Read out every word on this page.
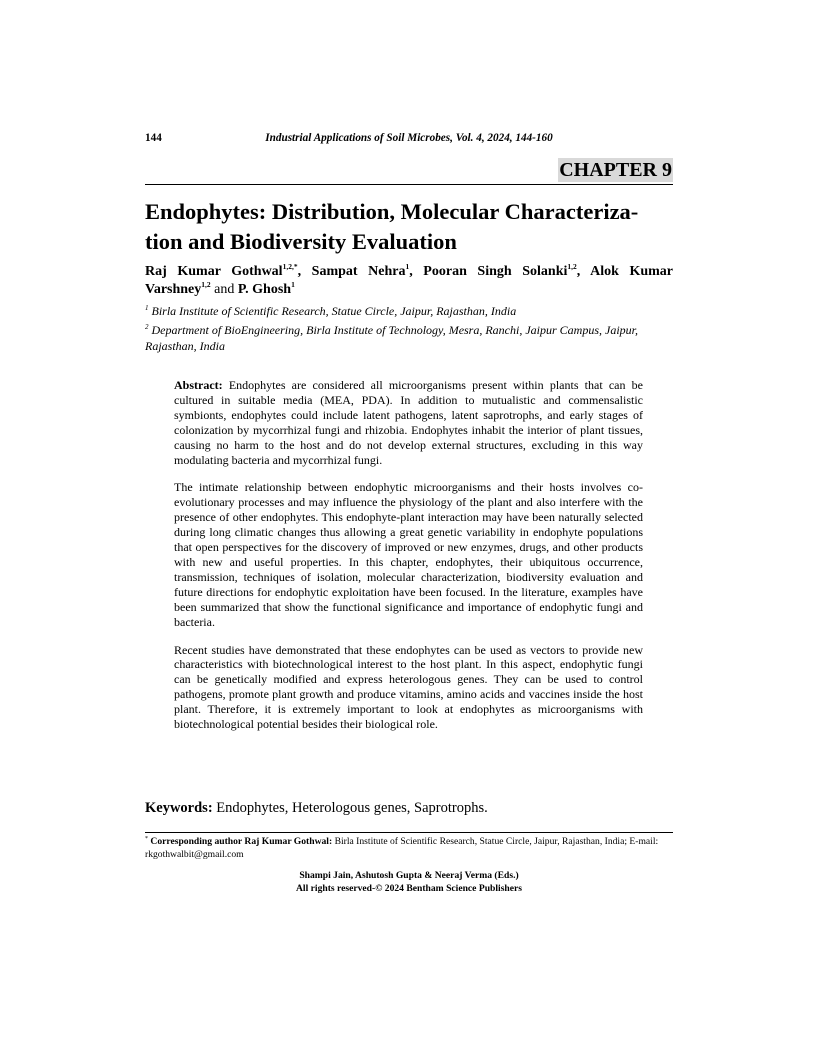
144	Industrial Applications of Soil Microbes, Vol. 4, 2024, 144-160
CHAPTER 9
Endophytes: Distribution, Molecular Characteriza-
tion and Biodiversity Evaluation
Raj Kumar Gothwal$^{1,2,*}$, Sampat Nehra$^1$, Pooran Singh Solanki$^{1,2}$, Alok Kumar Varshney$^{1,2}$ and P. Ghosh$^1$
$^1$ Birla Institute of Scientific Research, Statue Circle, Jaipur, Rajasthan, India
$^2$ Department of BioEngineering, Birla Institute of Technology, Mesra, Ranchi, Jaipur Campus, Jaipur, Rajasthan, India

Abstract: Endophytes are considered all microorganisms present within plants that can be cultured in suitable media (MEA, PDA). In addition to mutualistic and commensalistic symbionts, endophytes could include latent pathogens, latent saprotrophs, and early stages of colonization by mycorrhizal fungi and rhizobia. Endophytes inhabit the interior of plant tissues, causing no harm to the host and do not develop external structures, excluding in this way modulating bacteria and mycorrhizal fungi.

The intimate relationship between endophytic microorganisms and their hosts involves co-evolutionary processes and may influence the physiology of the plant and also interfere with the presence of other endophytes. This endophyte-plant interaction may have been naturally selected during long climatic changes thus allowing a great genetic variability in endophyte populations that open perspectives for the discovery of improved or new enzymes, drugs, and other products with new and useful properties. In this chapter, endophytes, their ubiquitous occurrence, transmission, techniques of isolation, molecular characterization, biodiversity evaluation and future directions for endophytic exploitation have been focused. In the literature, examples have been summarized that show the functional significance and importance of endophytic fungi and bacteria.

Recent studies have demonstrated that these endophytes can be used as vectors to provide new characteristics with biotechnological interest to the host plant. In this aspect, endophytic fungi can be genetically modified and express heterologous genes. They can be used to control pathogens, promote plant growth and produce vitamins, amino acids and vaccines inside the host plant. Therefore, it is extremely important to look at endophytes as microorganisms with biotechnological potential besides their biological role.

Keywords: Endophytes, Heterologous genes, Saprotrophs.
* Corresponding author Raj Kumar Gothwal: Birla Institute of Scientific Research, Statue Circle, Jaipur, Rajasthan, India; E-mail: rkgothwalbit@gmail.com
Shampi Jain, Ashutosh Gupta & Neeraj Verma (Eds.)
All rights reserved-© 2024 Bentham Science Publishers
